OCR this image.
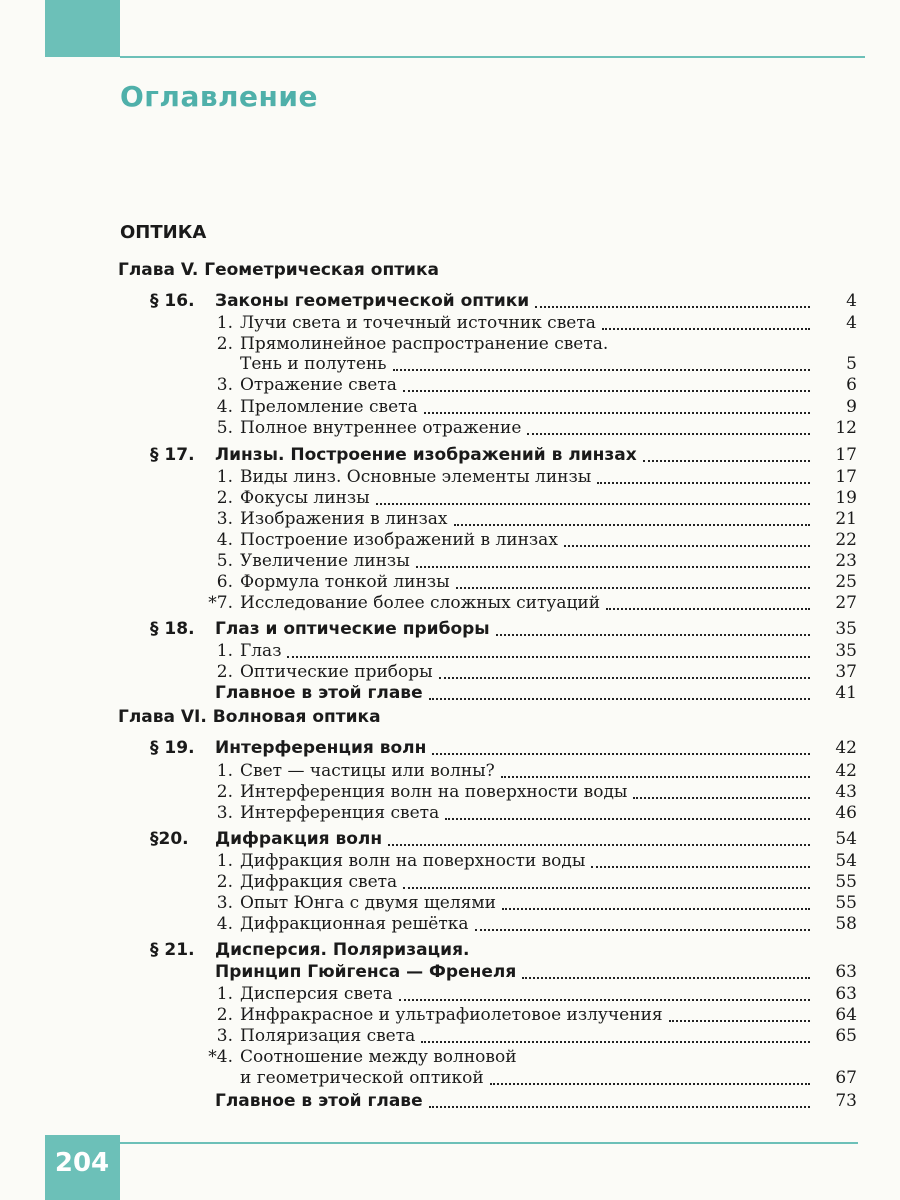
Оглавление
ОПТИКА
Глава V. Геометрическая оптика
Глава VI. Волновая оптика
§ 16. Законы геометрической оптики	4
1. Лучи света и точечный источник света	4
2. Прямолинейное распространение света.
Тень и полутень	5
3. Отражение света	6
4. Преломление света	9
5. Полное внутреннее отражение	12
§ 17. Линзы. Построение изображений в линзах	17
1. Виды линз. Основные элементы линзы	17
2. Фокусы линзы	19
3. Изображения в линзах	21
4. Построение изображений в линзах	22
5. Увеличение линзы	23
6. Формула тонкой линзы	25
*7. Исследование более сложных ситуаций	27
§ 18. Глаз и оптические приборы	35
1. Глаз	35
2. Оптические приборы	37
Главное в этой главе	41
§ 19. Интерференция волн	42
1. Свет — частицы или волны?	42
2. Интерференция волн на поверхности воды	43
3. Интерференция света	46
§20. Дифракция волн	54
1. Дифракция волн на поверхности воды	54
2. Дифракция света	55
3. Опыт Юнга с двумя щелями	55
4. Дифракционная решётка	58
§ 21. Дисперсия. Поляризация.
Принцип Гюйгенса — Френеля	63
1. Дисперсия света	63
2. Инфракрасное и ультрафиолетовое излучения	64
3. Поляризация света	65
*4. Соотношение между волновой
и геометрической оптикой	67
Главное в этой главе	73
204
